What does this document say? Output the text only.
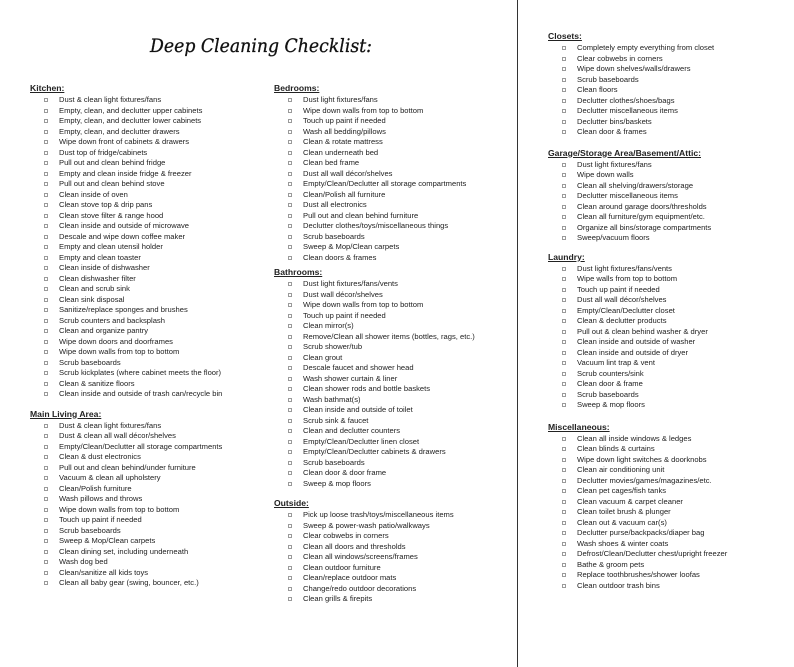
Deep Cleaning Checklist:
Kitchen:
Dust & clean light fixtures/fans
Empty, clean, and declutter upper cabinets
Empty, clean, and declutter lower cabinets
Empty, clean, and declutter drawers
Wipe down front of cabinets & drawers
Dust top of fridge/cabinets
Pull out and clean behind fridge
Empty and clean inside fridge & freezer
Pull out and clean behind stove
Clean inside of oven
Clean stove top & drip pans
Clean stove filter & range hood
Clean inside and outside of microwave
Descale and wipe down coffee maker
Empty and clean utensil holder
Empty and clean toaster
Clean inside of dishwasher
Clean dishwasher filter
Clean and scrub sink
Clean sink disposal
Sanitize/replace sponges and brushes
Scrub counters and backsplash
Clean and organize pantry
Wipe down doors and doorframes
Wipe down walls from top to bottom
Scrub baseboards
Scrub kickplates (where cabinet meets the floor)
Clean & sanitize floors
Clean inside and outside of trash can/recycle bin
Main Living Area:
Dust & clean light fixtures/fans
Dust & clean all wall décor/shelves
Empty/Clean/Declutter all storage compartments
Clean & dust electronics
Pull out and clean behind/under furniture
Vacuum & clean all upholstery
Clean/Polish furniture
Wash pillows and throws
Wipe down walls from top to bottom
Touch up paint if needed
Scrub baseboards
Sweep & Mop/Clean carpets
Clean dining set, including underneath
Wash dog bed
Clean/sanitize all kids toys
Clean all baby gear (swing, bouncer, etc.)
Bedrooms:
Dust light fixtures/fans
Wipe down walls from top to bottom
Touch up paint if needed
Wash all bedding/pillows
Clean & rotate mattress
Clean underneath bed
Clean bed frame
Dust all wall décor/shelves
Empty/Clean/Declutter all storage compartments
Clean/Polish all furniture
Dust all electronics
Pull out and clean behind furniture
Declutter clothes/toys/miscellaneous things
Scrub baseboards
Sweep & Mop/Clean carpets
Clean doors & frames
Bathrooms:
Dust light fixtures/fans/vents
Dust wall décor/shelves
Wipe down walls from top to bottom
Touch up paint if needed
Clean mirror(s)
Remove/Clean all shower items (bottles, rags, etc.)
Scrub shower/tub
Clean grout
Descale faucet and shower head
Wash shower curtain & liner
Clean shower rods and bottle baskets
Wash bathmat(s)
Clean inside and outside of toilet
Scrub sink & faucet
Clean and declutter counters
Empty/Clean/Declutter linen closet
Empty/Clean/Declutter cabinets & drawers
Scrub baseboards
Clean door & door frame
Sweep & mop floors
Outside:
Pick up loose trash/toys/miscellaneous items
Sweep & power-wash patio/walkways
Clear cobwebs in corners
Clean all doors and thresholds
Clean all windows/screens/frames
Clean outdoor furniture
Clean/replace outdoor mats
Change/redo outdoor decorations
Clean grills & firepits
Closets:
Completely empty everything from closet
Clear cobwebs in corners
Wipe down shelves/walls/drawers
Scrub baseboards
Clean floors
Declutter clothes/shoes/bags
Declutter miscellaneous items
Declutter bins/baskets
Clean door & frames
Garage/Storage Area/Basement/Attic:
Dust light fixtures/fans
Wipe down walls
Clean all shelving/drawers/storage
Declutter miscellaneous items
Clean around garage doors/thresholds
Clean all furniture/gym equipment/etc.
Organize all bins/storage compartments
Sweep/vacuum floors
Laundry:
Dust light fixtures/fans/vents
Wipe walls from top to bottom
Touch up paint if needed
Dust all wall décor/shelves
Empty/Clean/Declutter closet
Clean & declutter products
Pull out & clean behind washer & dryer
Clean inside and outside of washer
Clean inside and outside of dryer
Vacuum lint trap & vent
Scrub counters/sink
Clean door & frame
Scrub baseboards
Sweep & mop floors
Miscellaneous:
Clean all inside windows & ledges
Clean blinds & curtains
Wipe down light switches & doorknobs
Clean air conditioning unit
Declutter movies/games/magazines/etc.
Clean pet cages/fish tanks
Clean vacuum & carpet cleaner
Clean toilet brush & plunger
Clean out & vacuum car(s)
Declutter purse/backpacks/diaper bag
Wash shoes & winter coats
Defrost/Clean/Declutter chest/upright freezer
Bathe & groom pets
Replace toothbrushes/shower loofas
Clean outdoor trash bins
